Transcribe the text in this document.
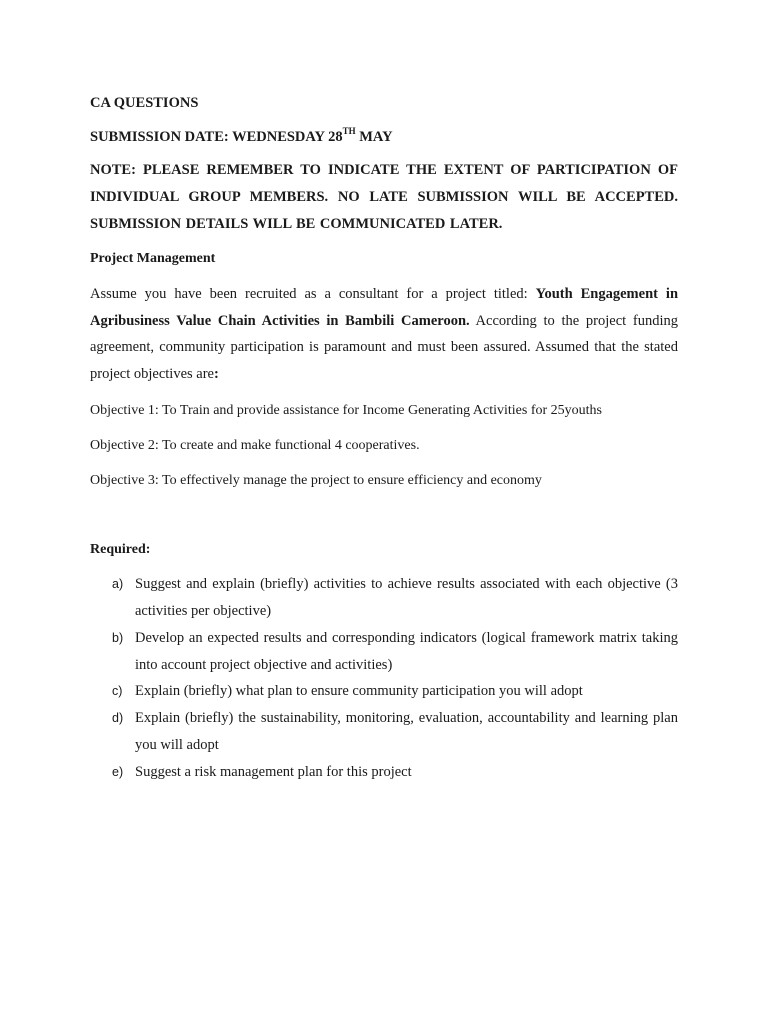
CA QUESTIONS
SUBMISSION DATE: WEDNESDAY 28TH MAY
NOTE: PLEASE REMEMBER TO INDICATE THE EXTENT OF PARTICIPATION OF INDIVIDUAL GROUP MEMBERS. NO LATE SUBMISSION WILL BE ACCEPTED. SUBMISSION DETAILS WILL BE COMMUNICATED LATER.
Project Management
Assume you have been recruited as a consultant for a project titled: Youth Engagement in Agribusiness Value Chain Activities in Bambili Cameroon. According to the project funding agreement, community participation is paramount and must been assured. Assumed that the stated project objectives are:
Objective 1: To Train and provide assistance for Income Generating Activities for 25youths
Objective 2: To create and make functional 4 cooperatives.
Objective 3: To effectively manage the project to ensure efficiency and economy
Required:
a) Suggest and explain (briefly) activities to achieve results associated with each objective (3 activities per objective)
b) Develop an expected results and corresponding indicators (logical framework matrix taking into account project objective and activities)
c) Explain (briefly) what plan to ensure community participation you will adopt
d) Explain (briefly) the sustainability, monitoring, evaluation, accountability and learning plan you will adopt
e) Suggest a risk management plan for this project
